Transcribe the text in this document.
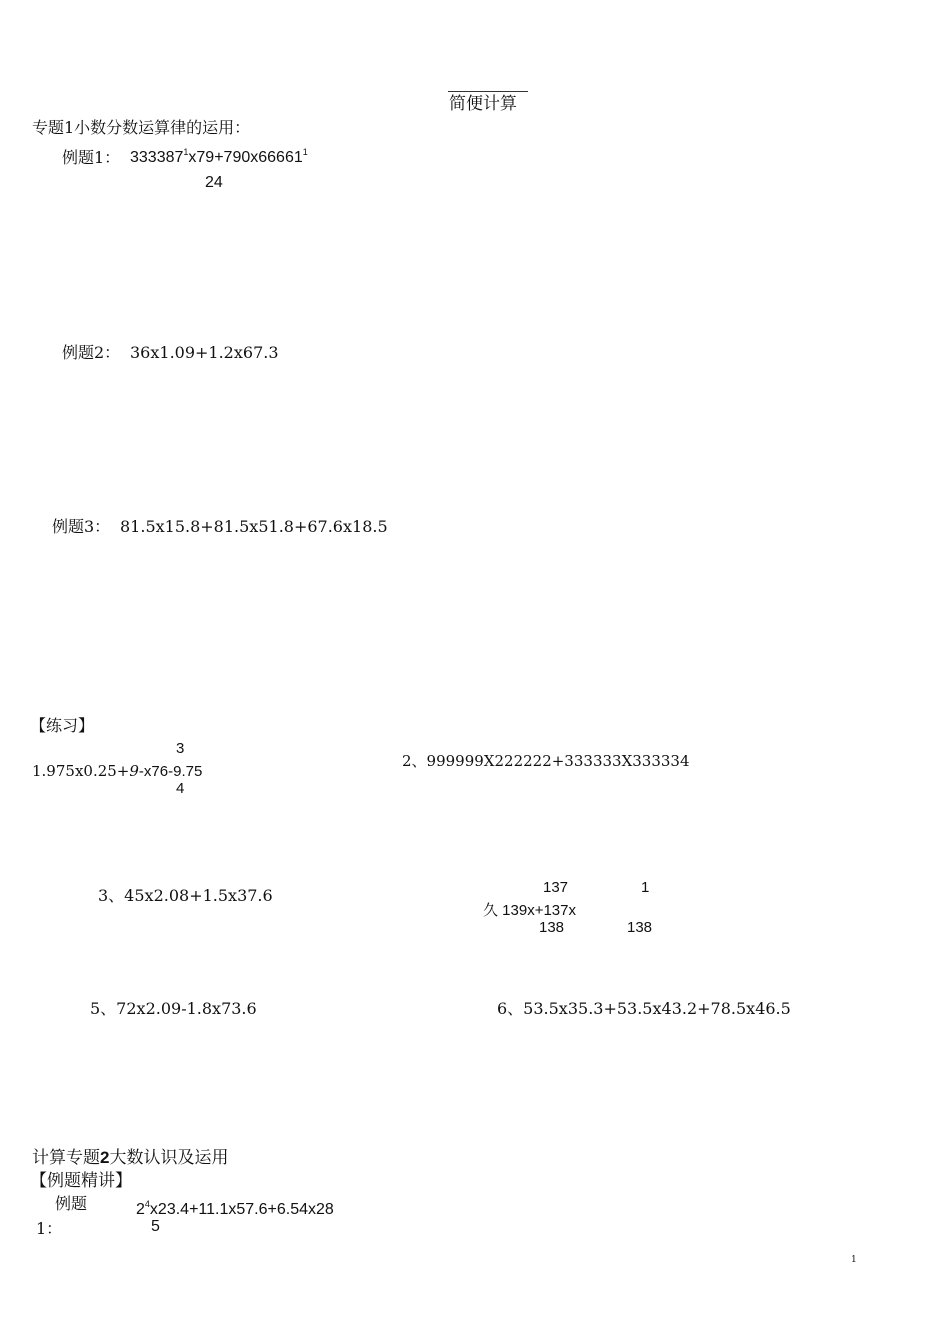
简便计算
专题1小数分数运算律的运用：
例题1： $333387^1x79+790x66661^1$
24
例题2： 36x1.09+1.2x67.3
例题3： 81.5x15.8+81.5x51.8+67.6x18.5
【练习】
3
1.975x0.25+9-x76-9.75
4
2、999999X222222+333333X333334
3、45x2.08+1.5x37.6	137	1
久 139x+137x
138	138
5、72x2.09-1.8x73.6	6、53.5x35.3+53.5x43.2+78.5x46.5
计算专题2大数认识及运用
【例题精讲】
例题
1：
$2^4x23.4+11.1x57.6+6.54x28$
5
1
